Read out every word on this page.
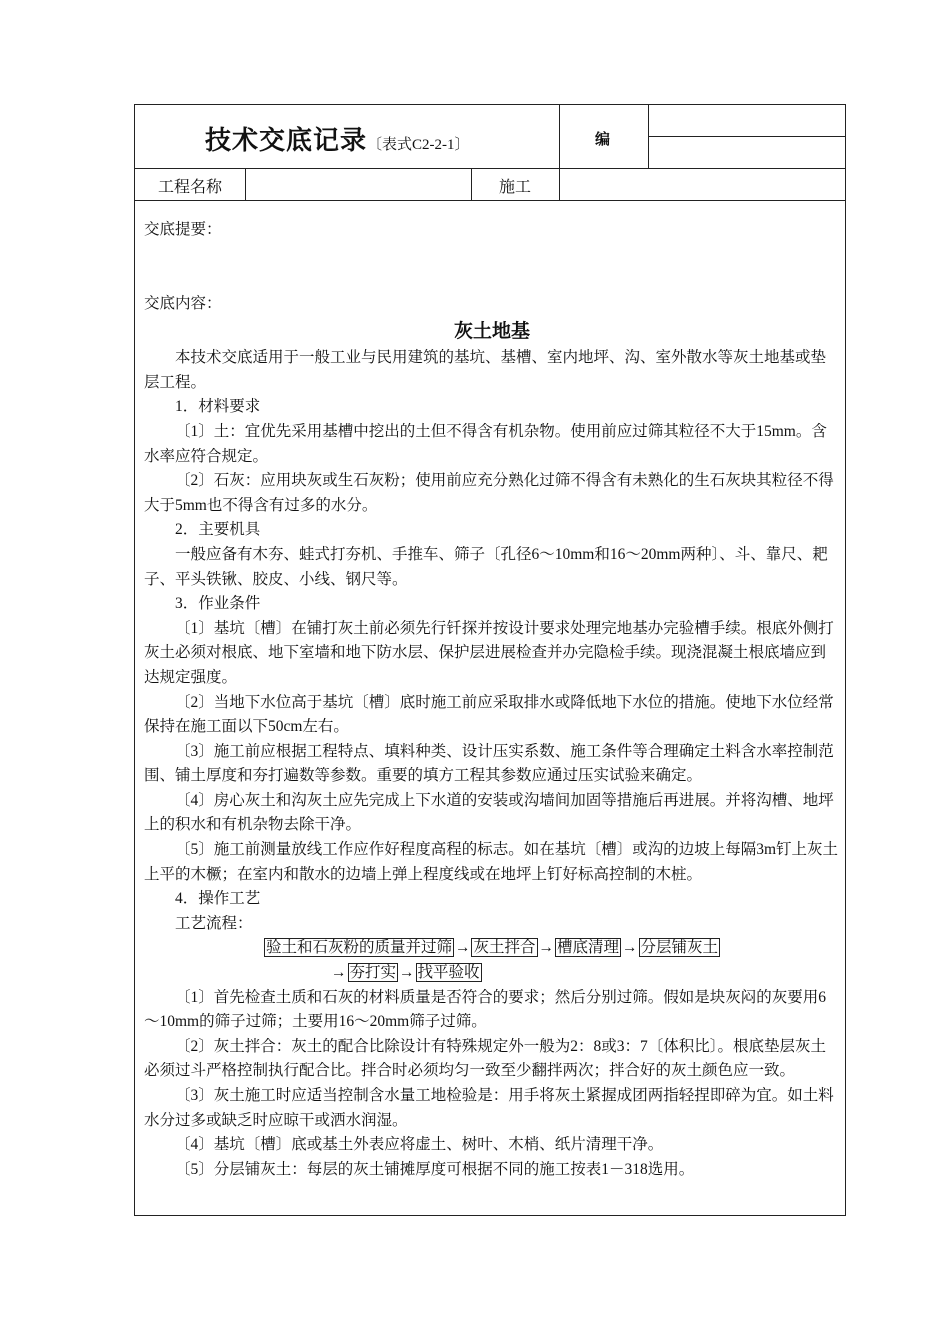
技术交底记录〔表式C2-2-1〕	编
工程名称	施工

交底提要：

交底内容：

灰土地基

本技术交底适用于一般工业与民用建筑的基坑、基槽、室内地坪、沟、室外散水等灰土地基或垫层工程。

1．材料要求

〔1〕土：宜优先采用基槽中挖出的土但不得含有机杂物。使用前应过筛其粒径不大于15mm。含水率应符合规定。

〔2〕石灰：应用块灰或生石灰粉；使用前应充分熟化过筛不得含有未熟化的生石灰块其粒径不得大于5mm也不得含有过多的水分。

2．主要机具

一般应备有木夯、蛙式打夯机、手推车、筛子〔孔径6～10mm和16～20mm两种〕、斗、靠尺、耙子、平头铁锹、胶皮、小线、钢尺等。

3．作业条件

〔1〕基坑〔槽〕在铺打灰土前必须先行钎探并按设计要求处理完地基办完验槽手续。根底外侧打灰土必须对根底、地下室墙和地下防水层、保护层进展检查并办完隐检手续。现浇混凝土根底墙应到达规定强度。

〔2〕当地下水位高于基坑〔槽〕底时施工前应采取排水或降低地下水位的措施。使地下水位经常保持在施工面以下50cm左右。

〔3〕施工前应根据工程特点、填料种类、设计压实系数、施工条件等合理确定土料含水率控制范围、铺土厚度和夯打遍数等参数。重要的填方工程其参数应通过压实试验来确定。

〔4〕房心灰土和沟灰土应先完成上下水道的安装或沟墙间加固等措施后再进展。并将沟槽、地坪上的积水和有机杂物去除干净。

〔5〕施工前测量放线工作应作好程度高程的标志。如在基坑〔槽〕或沟的边坡上每隔3m钉上灰土上平的木橛；在室内和散水的边墙上弹上程度线或在地坪上钉好标高控制的木桩。

4．操作工艺

工艺流程：

验土和石灰粉的质量并过筛 → 灰土拌合 → 槽底清理 → 分层铺灰土

→ 夯打实 → 找平验收

〔1〕首先检查土质和石灰的材料质量是否符合的要求；然后分别过筛。假如是块灰闷的灰要用6～10mm的筛子过筛；土要用16～20mm筛子过筛。

〔2〕灰土拌合：灰土的配合比除设计有特殊规定外一般为2：8或3：7〔体积比〕。根底垫层灰土必须过斗严格控制执行配合比。拌合时必须均匀一致至少翻拌两次；拌合好的灰土颜色应一致。

〔3〕灰土施工时应适当控制含水量工地检验是：用手将灰土紧握成团两指轻捏即碎为宜。如土料水分过多或缺乏时应晾干或洒水润湿。

〔4〕基坑〔槽〕底或基土外表应将虚土、树叶、木梢、纸片清理干净。

〔5〕分层铺灰土：每层的灰土铺摊厚度可根据不同的施工按表1－318选用。
